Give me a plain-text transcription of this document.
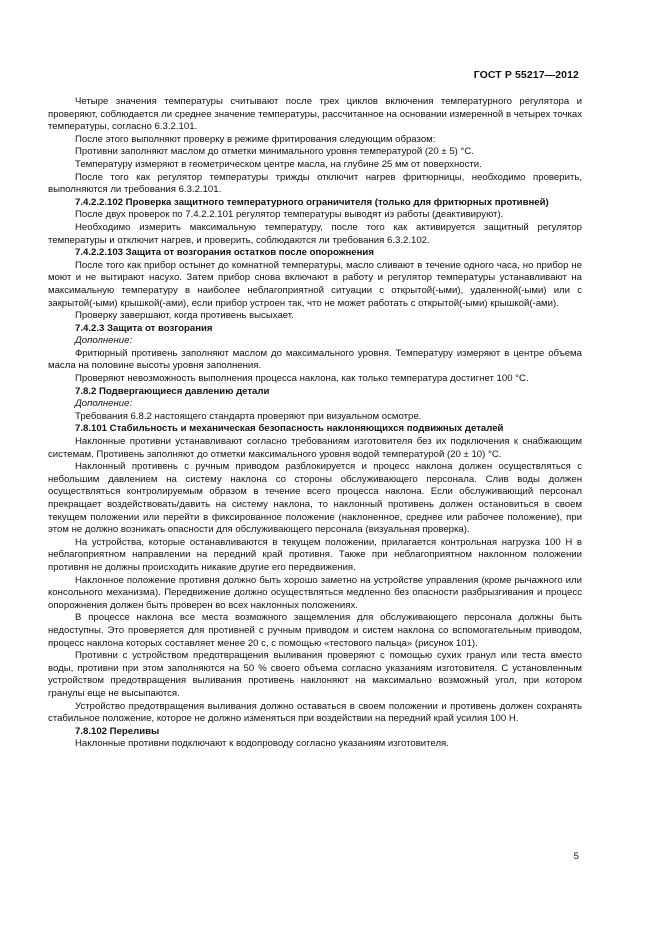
ГОСТ Р 55217—2012

Четыре значения температуры считывают после трех циклов включения температурного регулятора и проверяют, соблюдается ли среднее значение температуры, рассчитанное на основании измеренной в четырех точках температуры, согласно 6.3.2.101.

После этого выполняют проверку в режиме фритирования следующим образом:

Противни заполняют маслом до отметки минимального уровня температурой (20 ± 5) °С.

Температуру измеряют в геометрическом центре масла, на глубине 25 мм от поверхности.

После того как регулятор температуры трижды отключит нагрев фритюрницы, необходимо проверить, выполняются ли требования 6.3.2.101.

7.4.2.2.102 Проверка защитного температурного ограничителя (только для фритюрных противней)

После двух проверок по 7.4.2.2.101 регулятор температуры выводят из работы (деактивируют).

Необходимо измерить максимальную температуру, после того как активируется защитный регулятор температуры и отключит нагрев, и проверить, соблюдаются ли требования 6.3.2.102.

7.4.2.2.103 Защита от возгорания остатков после опорожнения

После того как прибор остынет до комнатной температуры, масло сливают в течение одного часа, но прибор не моют и не вытирают насухо. Затем прибор снова включают в работу и регулятор температуры устанавливают на максимальную температуру в наиболее неблагоприятной ситуации с открытой(-ыми), удаленной(-ыми) или с закрытой(-ыми) крышкой(-ами), если прибор устроен так, что не может работать с открытой(-ыми) крышкой(-ами).

Проверку завершают, когда противень высыхает.

7.4.2.3 Защита от возгорания

Дополнение:

Фритюрный противень заполняют маслом до максимального уровня. Температуру измеряют в центре объема масла на половине высоты уровня заполнения.

Проверяют невозможность выполнения процесса наклона, как только температура достигнет 100 °С.

7.8.2 Подвергающиеся давлению детали

Дополнение:

Требования 6.8.2 настоящего стандарта проверяют при визуальном осмотре.

7.8.101 Стабильность и механическая безопасность наклоняющихся подвижных деталей

Наклонные противни устанавливают согласно требованиям изготовителя без их подключения к снабжающим системам. Противень заполняют до отметки максимального уровня водой температурой (20 ± 10) °С.

Наклонный противень с ручным приводом разблокируется и процесс наклона должен осуществляться с небольшим давлением на систему наклона со стороны обслуживающего персонала. Слив воды должен осуществляться контролируемым образом в течение всего процесса наклона. Если обслуживающий персонал прекращает воздействовать/давить на систему наклона, то наклонный противень должен остановиться в своем текущем положении или перейти в фиксированное положение (наклоненное, среднее или рабочее положение), при этом не должно возникать опасности для обслуживающего персонала (визуальная проверка).

На устройства, которые останавливаются в текущем положении, прилагается контрольная нагрузка 100 Н в неблагоприятном направлении на передний край противня. Также при неблагоприятном наклонном положении противня не должны происходить никакие другие его передвижения.

Наклонное положение противня должно быть хорошо заметно на устройстве управления (кроме рычажного или консольного механизма). Передвижение должно осуществляться медленно без опасности разбрызгивания и процесс опорожнения должен быть проверен во всех наклонных положениях.

В процессе наклона все места возможного защемления для обслуживающего персонала должны быть недоступны. Это проверяется для противней с ручным приводом и систем наклона со вспомогательным приводом, процесс наклона которых составляет менее 20 с, с помощью «тестового пальца» (рисунок 101).

Противни с устройством предотвращения выливания проверяют с помощью сухих гранул или теста вместо воды, противни при этом заполняются на 50 % своего объема согласно указаниям изготовителя. С установленным устройством предотвращения выливания противень наклоняют на максимально возможный угол, при котором гранулы еще не высыпаются.

Устройство предотвращения выливания должно оставаться в своем положении и противень должен сохранять стабильное положение, которое не должно изменяться при воздействии на передний край усилия 100 Н.

7.8.102 Переливы

Наклонные противни подключают к водопроводу согласно указаниям изготовителя.

5
